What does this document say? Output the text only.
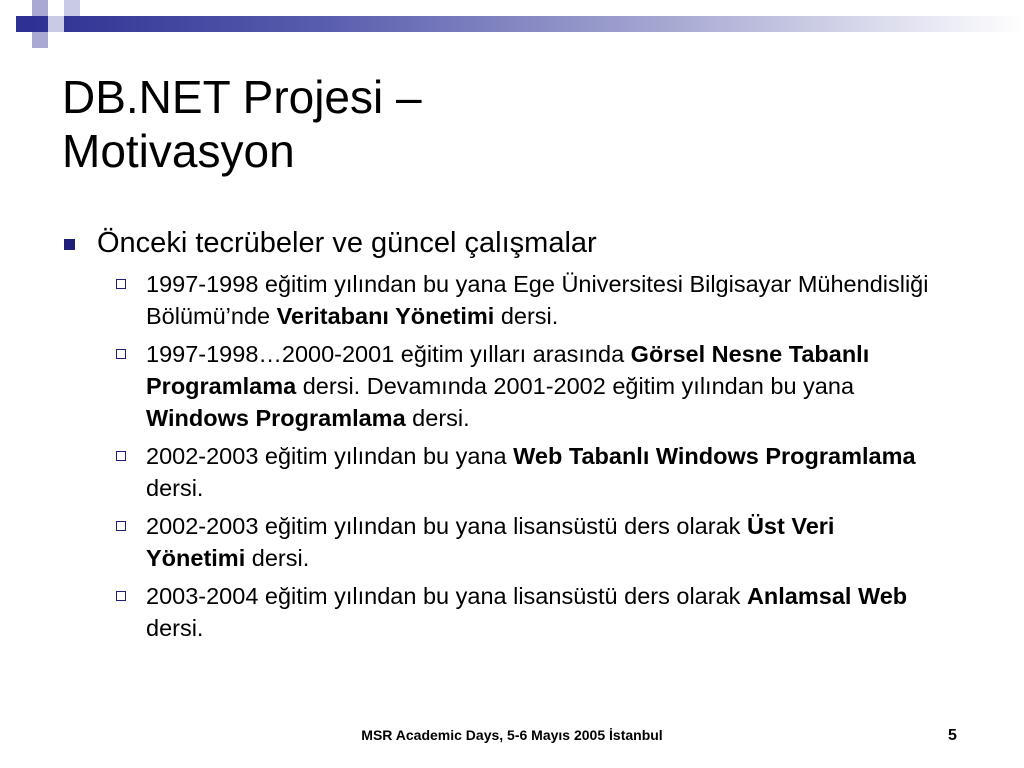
DB.NET Projesi –
Motivasyon
Önceki tecrübeler ve güncel çalışmalar
1997-1998 eğitim yılından bu yana Ege Üniversitesi Bilgisayar Mühendisliği Bölümü’nde Veritabanı Yönetimi dersi.
1997-1998…2000-2001 eğitim yılları arasında Görsel Nesne Tabanlı Programlama dersi. Devamında 2001-2002 eğitim yılından bu yana Windows Programlama dersi.
2002-2003 eğitim yılından bu yana Web Tabanlı Windows Programlama dersi.
2002-2003 eğitim yılından bu yana lisansüstü ders olarak Üst Veri Yönetimi dersi.
2003-2004 eğitim yılından bu yana lisansüstü ders olarak Anlamsal Web dersi.
MSR Academic Days, 5-6 Mayıs 2005 İstanbul	5
